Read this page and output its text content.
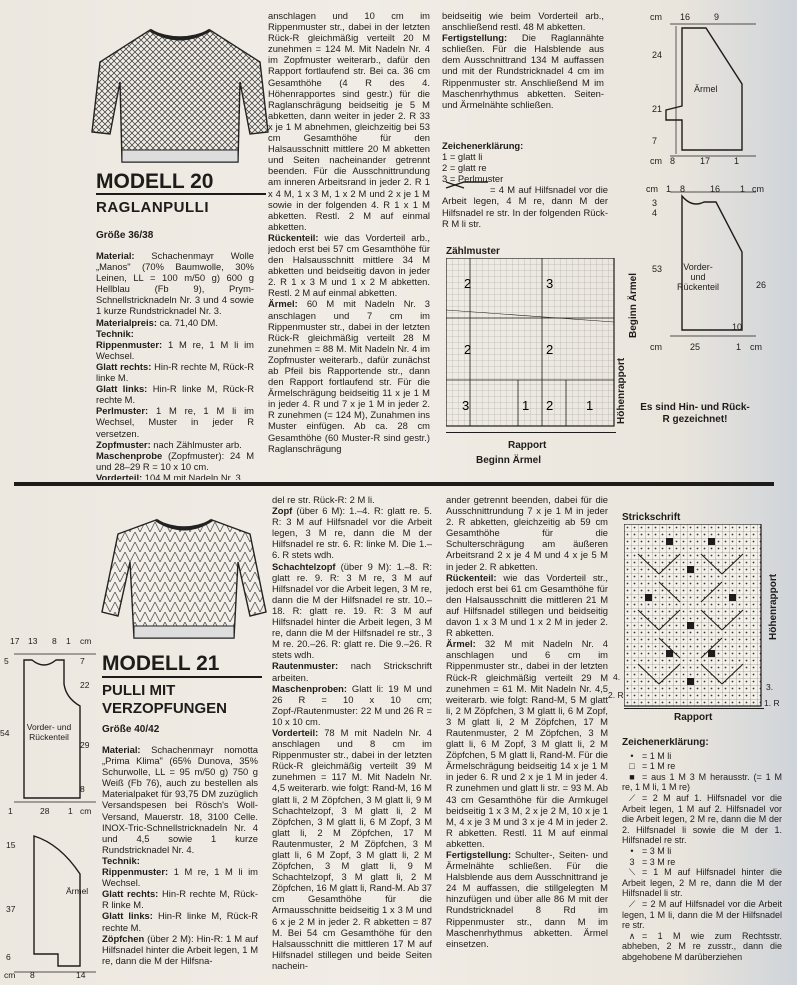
MODELL 20
RAGLANPULLI
Größe 36/38

Material: Schachenmayr Wolle „Manos" (70% Baumwolle, 30% Leinen, LL = 100 m/50 g) 600 g Hellblau (Fb 9), Prym-Schnellstricknadeln Nr. 3 und 4 sowie 1 kurze Rundstricknadel Nr. 3.

Materialpreis: ca. 71,40 DM.

Technik:

Rippenmuster: 1 M re, 1 M li im Wechsel.

Glatt rechts: Hin-R rechte M, Rück-R linke M.

Glatt links: Hin-R linke M, Rück-R rechte M.

Perlmuster: 1 M re, 1 M li im Wechsel, Muster in jeder R versetzen.

Zopfmuster: nach Zählmuster arb.

Maschenprobe (Zopfmuster): 24 M und 28–29 R = 10 x 10 cm.

Vorderteil: 104 M mit Nadeln Nr. 3

anschlagen und 10 cm im Rippenmuster str., dabei in der letzten Rück-R gleichmäßig verteilt 20 M zunehmen = 124 M. Mit Nadeln Nr. 4 im Zopfmuster weiterarb., dafür den Rapport fortlaufend str. Bei ca. 36 cm Gesamthöhe (4 R des 4. Höhenrapportes sind gestr.) für die Raglanschrägung beidseitig je 5 M abketten, dann weiter in jeder 2. R 33 x je 1 M abnehmen, gleichzeitig bei 53 cm Gesamthöhe für den Halsausschnitt mittlere 20 M abketten und Seiten nacheinander getrennt beenden. Für die Ausschnittrundung am inneren Arbeitsrand in jeder 2. R 1 x 4 M, 1 x 3 M, 1 x 2 M und 2 x je 1 M sowie in der folgenden 4. R 1 x 1 M abketten. Restl. 2 M auf einmal abketten.

Rückenteil: wie das Vorderteil arb., jedoch erst bei 57 cm Gesamthöhe für den Halsausschnitt mittlere 34 M abketten und beidseitig davon in jeder 2. R 1 x 3 M und 1 x 2 M abketten. Restl. 2 M auf einmal abketten.

Ärmel: 60 M mit Nadeln Nr. 3 anschlagen und 7 cm im Rippenmuster str., dabei in der letzten Rück-R gleichmäßig verteilt 28 M zunehmen = 88 M. Mit Nadeln Nr. 4 im Zopfmuster weiterarb., dafür zunächst ab Pfeil bis Rapportende str., dann den Rapport fortlaufend str. Für die Ärmelschrägung beidseitig 11 x je 1 M in jeder 4. R und 7 x je 1 M in jeder 2. R zunehmen (= 124 M), Zunahmen ins Muster einfügen. Ab ca. 28 cm Gesamthöhe (60 Muster-R sind gestr.) Raglanschrägung

beidseitig wie beim Vorderteil arb., anschließend restl. 48 M abketten.

Fertigstellung: Die Raglannähte schließen. Für die Halsblende aus dem Ausschnittrand 134 M auffassen und mit der Rundstricknadel 4 cm im Rippenmuster str. Anschließend M im Maschenrhythmus abketten. Seiten- und Ärmelnähte schließen.

Zeichenerklärung:

1 = glatt li

2 = glatt re

3 = Perlmuster

= 4 M auf Hilfsnadel vor die Arbeit legen, 4 M re, dann M der Hilfsnadel re str. In der folgenden Rück-R M li str.

Zählmuster
2	3
2	2
3	1 2	1
Rapport
Beginn Ärmel
Höhenrapport
Beginn Ärmel
Es sind Hin- und Rück-R gezeichnet!
cm 16	9
Ärmel
24
21
7
cm 8	17	1
cm 1 8	16 1 cm
3
4
Vorder- und Rückenteil
53
26
10
cm	25	1 cm
MODELL 21
PULLI MIT
VERZOPFUNGEN
Größe 40/42

Material: Schachenmayr nomotta „Prima Klima" (65% Dunova, 35% Schurwolle, LL = 95 m/50 g) 750 g Weiß (Fb 76), auch zu bestellen als Materialpaket für 93,75 DM zuzüglich Versandspesen bei Rösch's Woll-Versand, Mauerstr. 18, 3100 Celle. INOX-Tric-Schnellstricknadeln Nr. 4 und 4,5 sowie 1 kurze Rundstricknadel Nr. 4.

Technik:

Rippenmuster: 1 M re, 1 M li im Wechsel.

Glatt rechts: Hin-R rechte M, Rück-R linke M.

Glatt links: Hin-R linke M, Rück-R rechte M.

Zöpfchen (über 2 M): Hin-R: 1 M auf Hilfsnadel hinter die Arbeit legen, 1 M re, dann die M der Hilfsna-

del re str. Rück-R: 2 M li.

Zopf (über 6 M): 1.–4. R: glatt re. 5. R: 3 M auf Hilfsnadel vor die Arbeit legen, 3 M re, dann die M der Hilfsnadel re str. 6. R: linke M. Die 1.–6. R stets wdh.

Schachtelzopf (über 9 M): 1.–8. R: glatt re. 9. R: 3 M re, 3 M auf Hilfsnadel vor die Arbeit legen, 3 M re, dann die M der Hilfsnadel re str. 10.–18. R: glatt re. 19. R: 3 M auf Hilfsnadel hinter die Arbeit legen, 3 M re, dann die M der Hilfsnadel re str., 3 M re. 20.–26. R: glatt re. Die 9.–26. R stets wdh.

Rautenmuster: nach Strickschrift arbeiten.

Maschenproben: Glatt li: 19 M und 26 R = 10 x 10 cm; Zopf-/Rautenmuster: 22 M und 26 R = 10 x 10 cm.

Vorderteil: 78 M mit Nadeln Nr. 4 anschlagen und 8 cm im Rippenmuster str., dabei in der letzten Rück-R gleichmäßig verteilt 39 M zunehmen = 117 M. Mit Nadeln Nr. 4,5 weiterarb. wie folgt: Rand-M, 16 M glatt li, 2 M Zöpfchen, 3 M glatt li, 9 M Schachtelzopf, 3 M glatt li, 2 M Zöpfchen, 3 M glatt li, 6 M Zopf, 3 M glatt li, 2 M Zöpfchen, 17 M Rautenmuster, 2 M Zöpfchen, 3 M glatt li, 6 M Zopf, 3 M glatt li, 2 M Zöpfchen, 3 M glatt li, 9 M Schachtelzopf, 3 M glatt li, 2 M Zöpfchen, 16 M glatt li, Rand-M. Ab 37 cm Gesamthöhe für die Armausschnitte beidseitig 1 x 3 M und 6 x je 2 M in jeder 2. R abketten = 87 M. Bei 54 cm Gesamthöhe für den Halsausschnitt die mittleren 17 M auf Hilfsnadel stillegen und beide Seiten nachein-

ander getrennt beenden, dabei für die Ausschnittrundung 7 x je 1 M in jeder 2. R abketten, gleichzeitig ab 59 cm Gesamthöhe für die Schulterschrägung am äußeren Arbeitsrand 2 x je 4 M und 4 x je 5 M in jeder 2. R abketten.

Rückenteil: wie das Vorderteil str., jedoch erst bei 61 cm Gesamthöhe für den Halsausschnitt die mittleren 21 M auf Hilfsnadel stillegen und beidseitig davon 1 x 3 M und 1 x 2 M in jeder 2. R abketten.

Ärmel: 32 M mit Nadeln Nr. 4 anschlagen und 6 cm im Rippenmuster str., dabei in der letzten Rück-R gleichmäßig verteilt 29 M zunehmen = 61 M. Mit Nadeln Nr. 4,5 weiterarb. wie folgt: Rand-M, 5 M glatt li, 2 M Zöpfchen, 3 M glatt li, 6 M Zopf, 3 M glatt li, 2 M Zöpfchen, 17 M Rautenmuster, 2 M Zöpfchen, 3 M glatt li, 6 M Zopf, 3 M glatt li, 2 M Zöpfchen, 5 M glatt li, Rand-M. Für die Ärmelschrägung beidseitig 14 x je 1 M in jeder 6. R und 2 x je 1 M in jeder 4. R zunehmen und glatt li str. = 93 M. Ab 43 cm Gesamthöhe für die Armkugel beidseitig 1 x 3 M, 2 x je 2 M, 10 x je 1 M, 4 x je 3 M und 3 x je 4 M in jeder 2. R abketten. Restl. 11 M auf einmal abketten.

Fertigstellung: Schulter-, Seiten- und Ärmelnähte schließen. Für die Halsblende aus dem Ausschnittrand je 24 M auffassen, die stillgelegten M hinzufügen und über alle 86 M mit der Rundstricknadel 8 Rd im Rippenmuster str., dann M im Maschenrhythmus abketten. Ärmel einsetzen.

Strickschrift
Höhenrapport
Rapport
4.
3.
2. R
1. R

Zeichenerklärung:

• = 1 M li

□ = 1 M re

■ = aus 1 M 3 M herausstr. (= 1 M re, 1 M li, 1 M re)

⟋ = 2 M auf 1. Hilfsnadel vor die Arbeit legen, 1 M auf 2. Hilfsnadel vor die Arbeit legen, 2 M re, dann die M der 2. Hilfsnadel li sowie die M der 1. Hilfsnadel re str.

• = 3 M li

3 = 3 M re

⟍ = 1 M auf Hilfsnadel hinter die Arbeit legen, 2 M re, dann die M der Hilfsnadel li str.

⟋ = 2 M auf Hilfsnadel vor die Arbeit legen, 1 M li, dann die M der Hilfsnadel re str.

∧ = 1 M wie zum Rechtsstr. abheben, 2 M re zusstr., dann die abgehobene M darüberziehen

17 13 8 1 cm
7
22
29
5
8
54
Vorder- und Rückenteil
1	28 1 cm
Ärmel
15
37
6
cm 8	14
